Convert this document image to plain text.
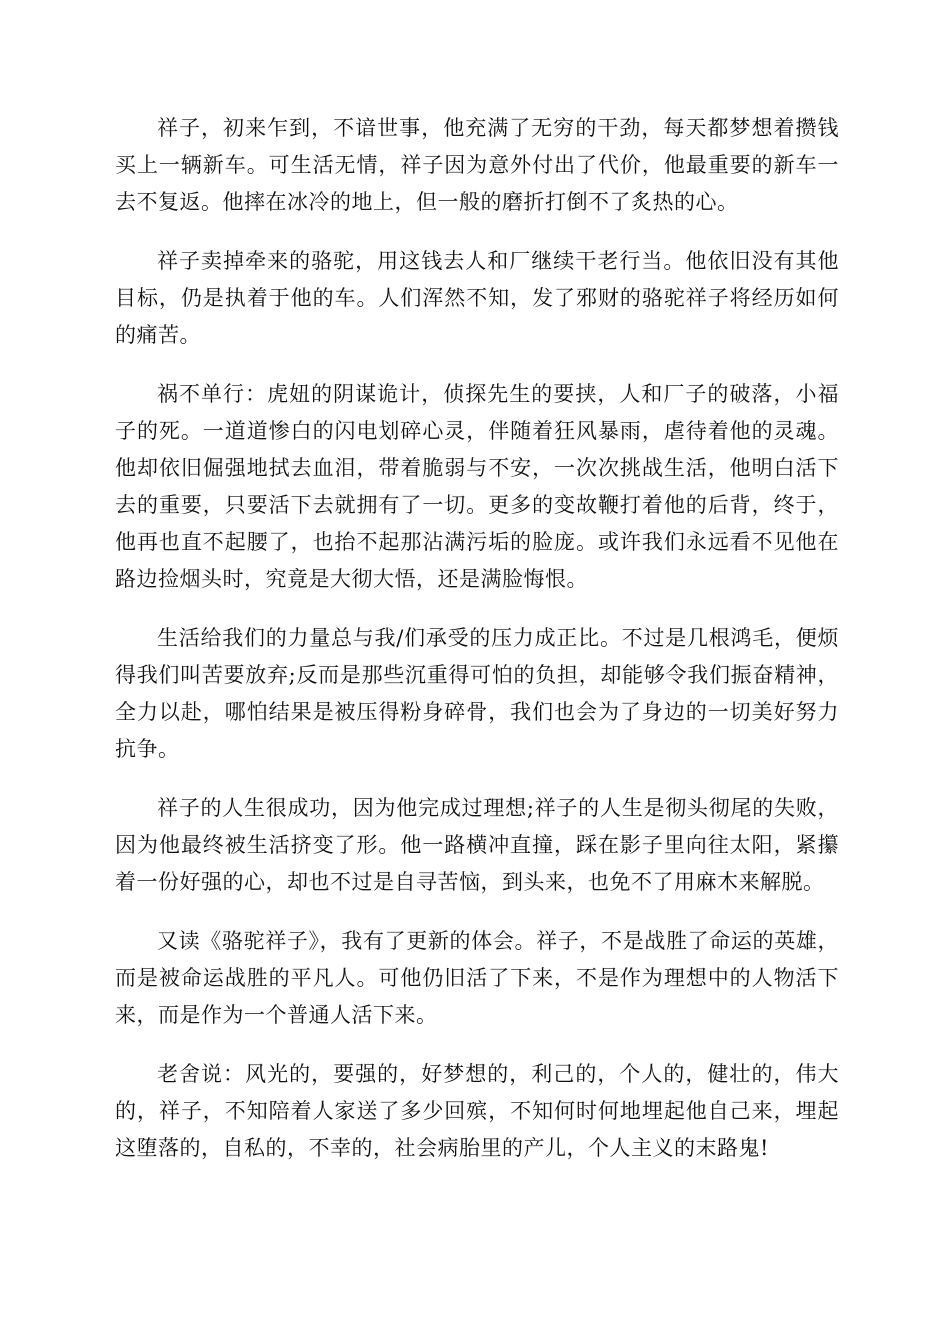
祥子，初来乍到，不谙世事，他充满了无穷的干劲，每天都梦想着攒钱买上一辆新车。可生活无情，祥子因为意外付出了代价，他最重要的新车一去不复返。他摔在冰冷的地上，但一般的磨折打倒不了炙热的心。

祥子卖掉牵来的骆驼，用这钱去人和厂继续干老行当。他依旧没有其他目标，仍是执着于他的车。人们浑然不知，发了邪财的骆驼祥子将经历如何的痛苦。

祸不单行：虎妞的阴谋诡计，侦探先生的要挟，人和厂子的破落，小福子的死。一道道惨白的闪电划碎心灵，伴随着狂风暴雨，虐待着他的灵魂。他却依旧倔强地拭去血泪，带着脆弱与不安，一次次挑战生活，他明白活下去的重要，只要活下去就拥有了一切。更多的变故鞭打着他的后背，终于，他再也直不起腰了，也抬不起那沾满污垢的脸庞。或许我们永远看不见他在路边捡烟头时，究竟是大彻大悟，还是满脸悔恨。

生活给我们的力量总与我/们承受的压力成正比。不过是几根鸿毛，便烦得我们叫苦要放弃;反而是那些沉重得可怕的负担，却能够令我们振奋精神，全力以赴，哪怕结果是被压得粉身碎骨，我们也会为了身边的一切美好努力抗争。

祥子的人生很成功，因为他完成过理想;祥子的人生是彻头彻尾的失败，因为他最终被生活挤变了形。他一路横冲直撞，踩在影子里向往太阳，紧攥着一份好强的心，却也不过是自寻苦恼，到头来，也免不了用麻木来解脱。

又读《骆驼祥子》，我有了更新的体会。祥子，不是战胜了命运的英雄，而是被命运战胜的平凡人。可他仍旧活了下来，不是作为理想中的人物活下来，而是作为一个普通人活下来。

老舍说：风光的，要强的，好梦想的，利己的，个人的，健壮的，伟大的，祥子，不知陪着人家送了多少回殡，不知何时何地埋起他自己来，埋起这堕落的，自私的，不幸的，社会病胎里的产儿，个人主义的末路鬼!
